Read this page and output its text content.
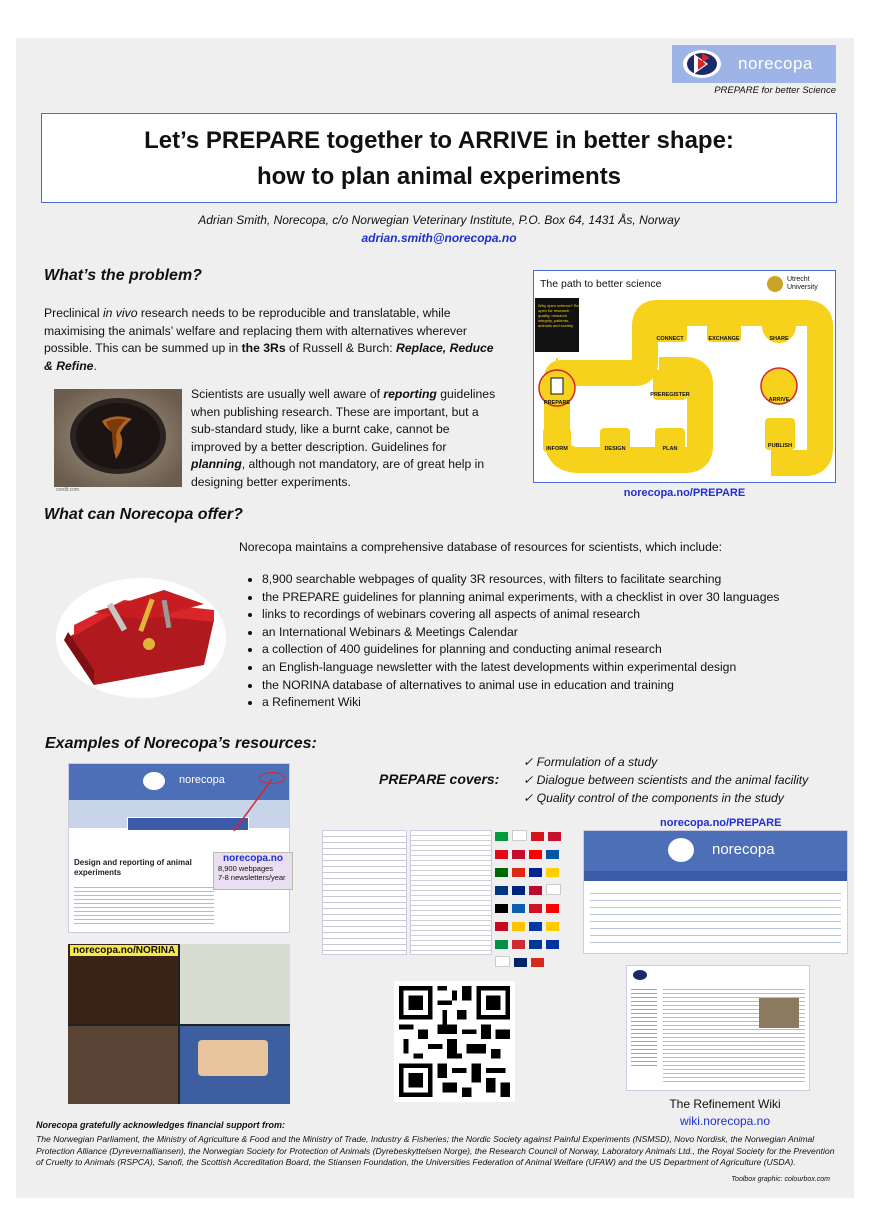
norecopa
PREPARE for better Science
Let’s PREPARE together to ARRIVE in better shape:
how to plan animal experiments
Adrian Smith, Norecopa, c/o Norwegian Veterinary Institute, P.O. Box 64, 1431 Ås, Norway
adrian.smith@norecopa.no
What’s the problem?
Preclinical in vivo research needs to be reproducible and translatable, while maximising the animals’ welfare and replacing them with alternatives wherever possible. This can be summed up in the 3Rs of Russell & Burch: Replace, Reduce & Refine.
credit.com
Scientists are usually well aware of reporting guidelines when publishing research. These are important, but a sub-standard study, like a burnt cake, cannot be improved by a better description. Guidelines for planning, although not mandatory, are of great help in designing better experiments.
The path to better science	Utrecht University
PREPARE
INFORM	DESIGN	PLAN
PREREGISTER
CONNECT	EXCHANGE	SHARE
ARRIVE
PUBLISH
Why open science? Be open for research quality, research integrity, patients, animals and society
norecopa.no/PREPARE
What can Norecopa offer?
Norecopa maintains a comprehensive database of resources for scientists, which include:
• 8,900 searchable webpages of quality 3R resources, with filters to facilitate searching
• the PREPARE guidelines for planning animal experiments, with a checklist in over 30 languages
• links to recordings of webinars covering all aspects of animal research
• an International Webinars & Meetings Calendar
• a collection of 400 guidelines for planning and conducting animal research
• an English-language newsletter with the latest developments within experimental design
• the NORINA database of alternatives to animal use in education and training
• a Refinement Wiki
Examples of Norecopa’s resources:
norecopa
Design and reporting of animal experiments
norecopa.no
8,900 webpages
7-8 newsletters/year
norecopa.no/NORINA
PREPARE covers:
✓ Formulation of a study
✓ Dialogue between scientists and the animal facility
✓ Quality control of the components in the study
norecopa.no/PREPARE

norecopa
The Refinement Wiki
wiki.norecopa.no
Norecopa gratefully acknowledges financial support from:
The Norwegian Parliament, the Ministry of Agriculture & Food and the Ministry of Trade, Industry & Fisheries; the Nordic Society against Painful Experiments (NSMSD), Novo Nordisk, the Norwegian Animal Protection Alliance (Dyrevernalliansen), the Norwegian Society for Protection of Animals (Dyrebeskyttelsen Norge), the Research Council of Norway, Laboratory Animals Ltd., the Royal Society for the Prevention of Cruelty to Animals (RSPCA), Sanofi, the Scottish Accreditation Board, the Stiansen Foundation, the Universities Federation of Animal Welfare (UFAW) and the US Department of Agriculture (USDA).
Toolbox graphic: colourbox.com
